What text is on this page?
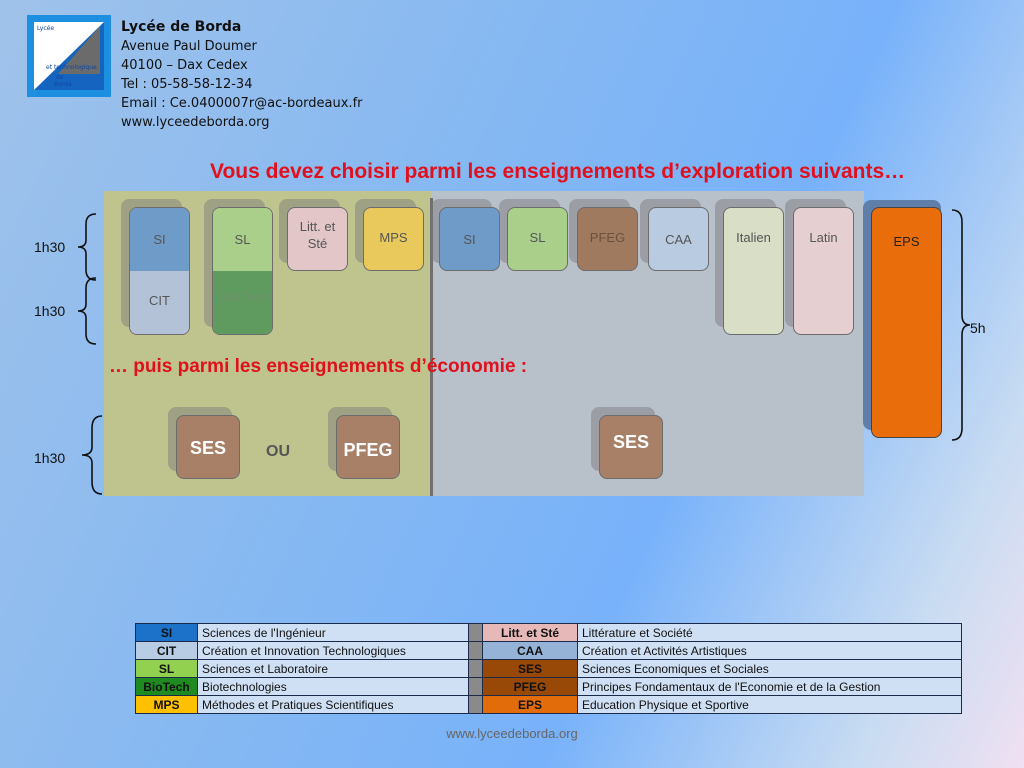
Lycée
et technologique
de
Borda
Lycée de Borda
Avenue Paul Doumer
40100 – Dax Cedex
Tel : 05-58-58-12-34
Email : Ce.0400007r@ac-bordeaux.fr
www.lyceedeborda.org
Vous devez choisir parmi les enseignements d’exploration suivants…
… puis parmi les enseignements d’économie :
SI
CIT
SL
Bio Tech
Litt. et Sté	MPS	SI	SL	PFEG	CAA	Italien	Latin	EPS
SES	OU	PFEG	SES
1h30
1h30
1h30
5h
SI	Sciences de l'Ingénieur		Litt. et Sté	Littérature et Société
CIT	Création et Innovation Technologiques		CAA	Création et Activités Artistiques
SL	Sciences et Laboratoire		SES	Sciences Economiques et Sociales
BioTech	Biotechnologies		PFEG	Principes Fondamentaux de l'Economie et de la Gestion
MPS	Méthodes et Pratiques Scientifiques		EPS	Education Physique et Sportive
www.lyceedeborda.org
